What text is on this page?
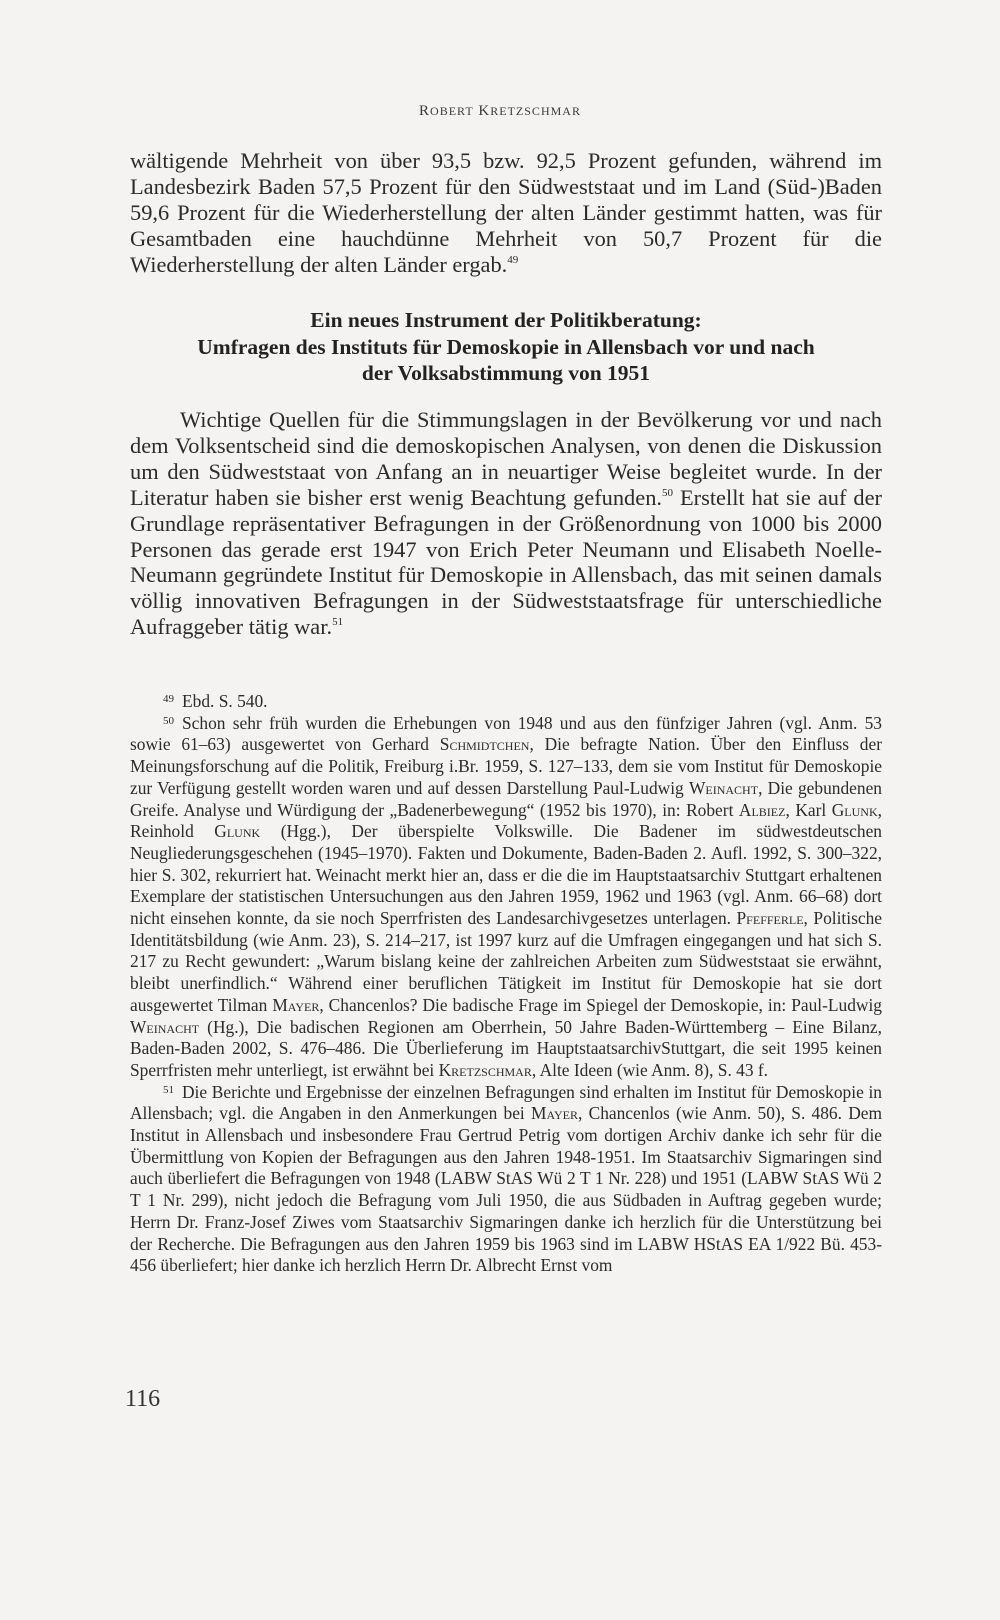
Robert Kretzschmar

wältigende Mehrheit von über 93,5 bzw. 92,5 Prozent gefunden, während im Landesbezirk Baden 57,5 Prozent für den Südweststaat und im Land (Süd-)Baden 59,6 Prozent für die Wiederherstellung der alten Länder gestimmt hatten, was für Gesamtbaden eine hauchdünne Mehrheit von 50,7 Prozent für die Wiederherstellung der alten Länder ergab.$^{49}$

Ein neues Instrument der Politikberatung:
Umfragen des Instituts für Demoskopie in Allensbach vor und nach
der Volksabstimmung von 1951

Wichtige Quellen für die Stimmungslagen in der Bevölkerung vor und nach dem Volksentscheid sind die demoskopischen Analysen, von denen die Diskussion um den Südweststaat von Anfang an in neuartiger Weise begleitet wurde. In der Literatur haben sie bisher erst wenig Beachtung gefunden.$^{50}$ Erstellt hat sie auf der Grundlage repräsentativer Befragungen in der Größenordnung von 1000 bis 2000 Personen das gerade erst 1947 von Erich Peter Neumann und Elisabeth Noelle-Neumann gegründete Institut für Demoskopie in Allensbach, das mit seinen damals völlig innovativen Befragungen in der Südweststaatsfrage für unterschiedliche Aufraggeber tätig war.$^{51}$

49 Ebd. S. 540.

50 Schon sehr früh wurden die Erhebungen von 1948 und aus den fünfziger Jahren (vgl. Anm. 53 sowie 61–63) ausgewertet von Gerhard Schmidtchen, Die befragte Nation. Über den Einfluss der Meinungsforschung auf die Politik, Freiburg i.Br. 1959, S. 127–133, dem sie vom Institut für Demoskopie zur Verfügung gestellt worden waren und auf dessen Darstellung Paul-Ludwig Weinacht, Die gebundenen Greife. Analyse und Würdigung der „Badenerbewegung“ (1952 bis 1970), in: Robert Albiez, Karl Glunk, Reinhold Glunk (Hgg.), Der überspielte Volkswille. Die Badener im südwestdeutschen Neugliederungsgeschehen (1945–1970). Fakten und Dokumente, Baden-Baden 2. Aufl. 1992, S. 300–322, hier S. 302, rekurriert hat. Weinacht merkt hier an, dass er die die im Hauptstaatsarchiv Stuttgart erhaltenen Exemplare der statistischen Untersuchungen aus den Jahren 1959, 1962 und 1963 (vgl. Anm. 66–68) dort nicht einsehen konnte, da sie noch Sperrfristen des Landesarchivgesetzes unterlagen. Pfefferle, Politische Identitätsbildung (wie Anm. 23), S. 214–217, ist 1997 kurz auf die Umfragen eingegangen und hat sich S. 217 zu Recht gewundert: „Warum bislang keine der zahlreichen Arbeiten zum Südweststaat sie erwähnt, bleibt unerfindlich.“ Während einer beruflichen Tätigkeit im Institut für Demoskopie hat sie dort ausgewertet Tilman Mayer, Chancenlos? Die badische Frage im Spiegel der Demoskopie, in: Paul-Ludwig Weinacht (Hg.), Die badischen Regionen am Oberrhein, 50 Jahre Baden-Württemberg – Eine Bilanz, Baden-Baden 2002, S. 476–486. Die Überlieferung im HauptstaatsarchivStuttgart, die seit 1995 keinen Sperrfristen mehr unterliegt, ist erwähnt bei Kretzschmar, Alte Ideen (wie Anm. 8), S. 43 f.

51 Die Berichte und Ergebnisse der einzelnen Befragungen sind erhalten im Institut für Demoskopie in Allensbach; vgl. die Angaben in den Anmerkungen bei Mayer, Chancenlos (wie Anm. 50), S. 486. Dem Institut in Allensbach und insbesondere Frau Gertrud Petrig vom dortigen Archiv danke ich sehr für die Übermittlung von Kopien der Befragungen aus den Jahren 1948-1951. Im Staatsarchiv Sigmaringen sind auch überliefert die Befragungen von 1948 (LABW StAS Wü 2 T 1 Nr. 228) und 1951 (LABW StAS Wü 2 T 1 Nr. 299), nicht jedoch die Befragung vom Juli 1950, die aus Südbaden in Auftrag gegeben wurde; Herrn Dr. Franz-Josef Ziwes vom Staatsarchiv Sigmaringen danke ich herzlich für die Unterstützung bei der Recherche. Die Befragungen aus den Jahren 1959 bis 1963 sind im LABW HStAS EA 1/922 Bü. 453-456 überliefert; hier danke ich herzlich Herrn Dr. Albrecht Ernst vom

116
